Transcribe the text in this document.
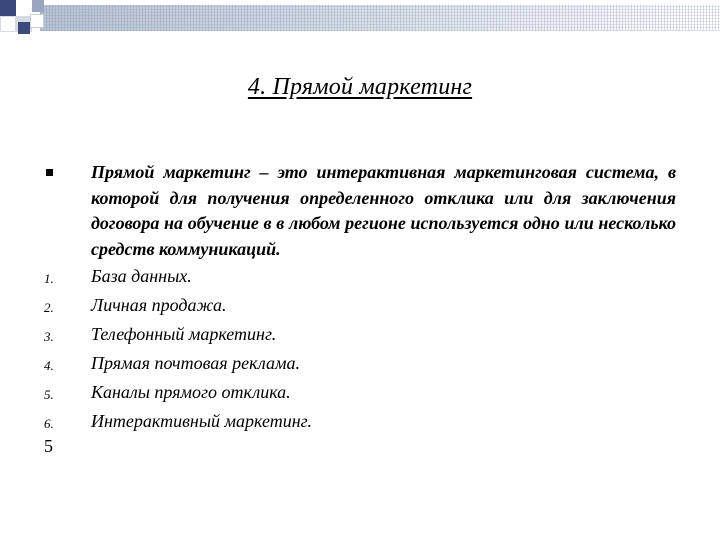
4. Прямой маркетинг
Прямой маркетинг – это интерактивная маркетинговая система, в которой для получения определенного отклика или для заключения договора на обучение в в любом регионе используется одно или несколько средств коммуникаций.
1. База данных.
2. Личная продажа.
3. Телефонный маркетинг.
4. Прямая почтовая реклама.
5. Каналы прямого отклика.
6. Интерактивный маркетинг.
5
